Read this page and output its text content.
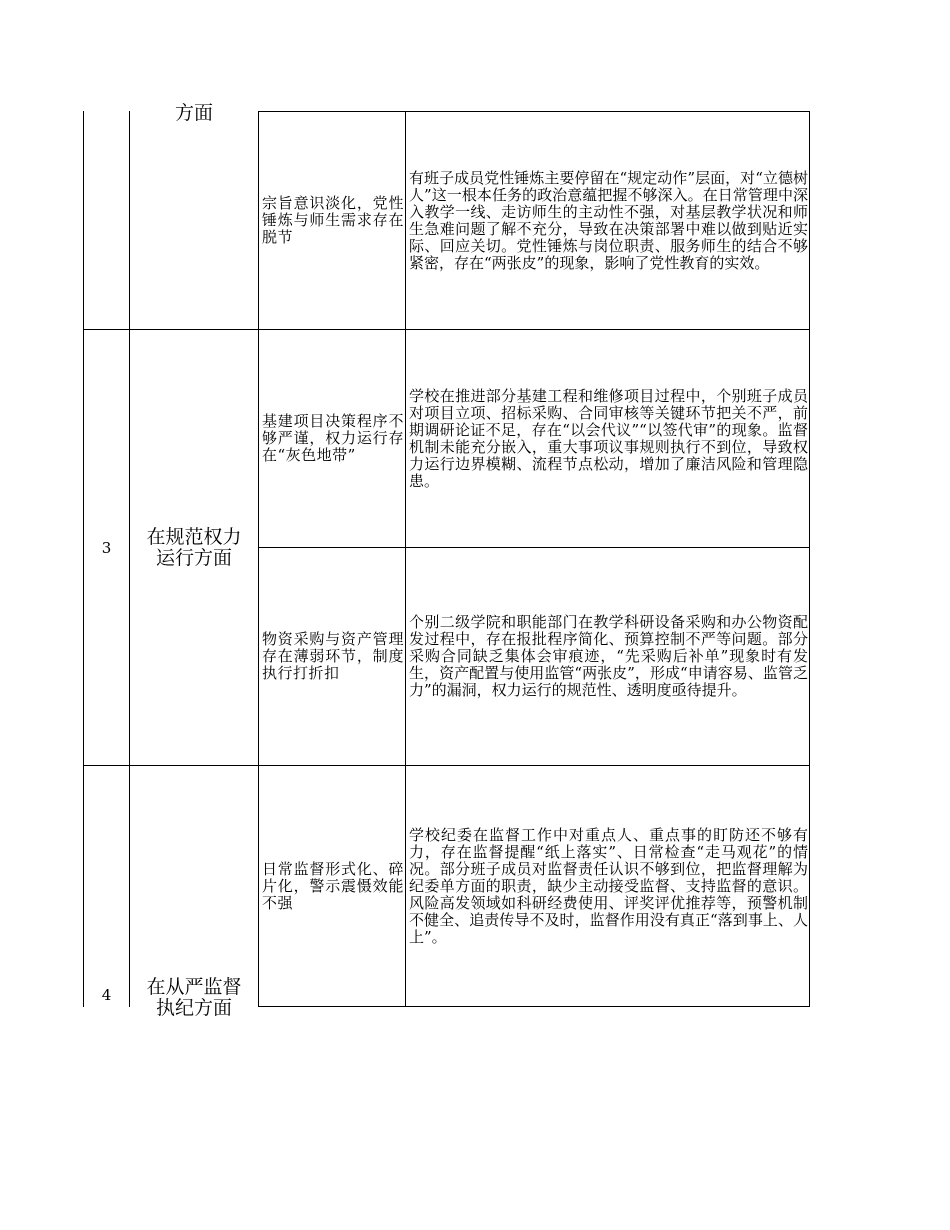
方面
宗旨意识淡化，党性锤炼与师生需求存在脱节
有班子成员党性锤炼主要停留在“规定动作”层面，对“立德树人”这一根本任务的政治意蕴把握不够深入。在日常管理中深入教学一线、走访师生的主动性不强，对基层教学状况和师生急难问题了解不充分，导致在决策部署中难以做到贴近实际、回应关切。党性锤炼与岗位职责、服务师生的结合不够紧密，存在“两张皮”的现象，影响了党性教育的实效。
3	在规范权力运行方面
基建项目决策程序不够严谨，权力运行存在“灰色地带”
学校在推进部分基建工程和维修项目过程中，个别班子成员对项目立项、招标采购、合同审核等关键环节把关不严，前期调研论证不足，存在“以会代议”“以签代审”的现象。监督机制未能充分嵌入，重大事项议事规则执行不到位，导致权力运行边界模糊、流程节点松动，增加了廉洁风险和管理隐患。
物资采购与资产管理存在薄弱环节，制度执行打折扣
个别二级学院和职能部门在教学科研设备采购和办公物资配发过程中，存在报批程序简化、预算控制不严等问题。部分采购合同缺乏集体会审痕迹，“先采购后补单”现象时有发生，资产配置与使用监管“两张皮”，形成“申请容易、监管乏力”的漏洞，权力运行的规范性、透明度亟待提升。
4	在从严监督执纪方面
日常监督形式化、碎片化，警示震慑效能不强
学校纪委在监督工作中对重点人、重点事的盯防还不够有力，存在监督提醒“纸上落实”、日常检查“走马观花”的情况。部分班子成员对监督责任认识不够到位，把监督理解为纪委单方面的职责，缺少主动接受监督、支持监督的意识。风险高发领域如科研经费使用、评奖评优推荐等，预警机制不健全、追责传导不及时，监督作用没有真正“落到事上、人上”。
